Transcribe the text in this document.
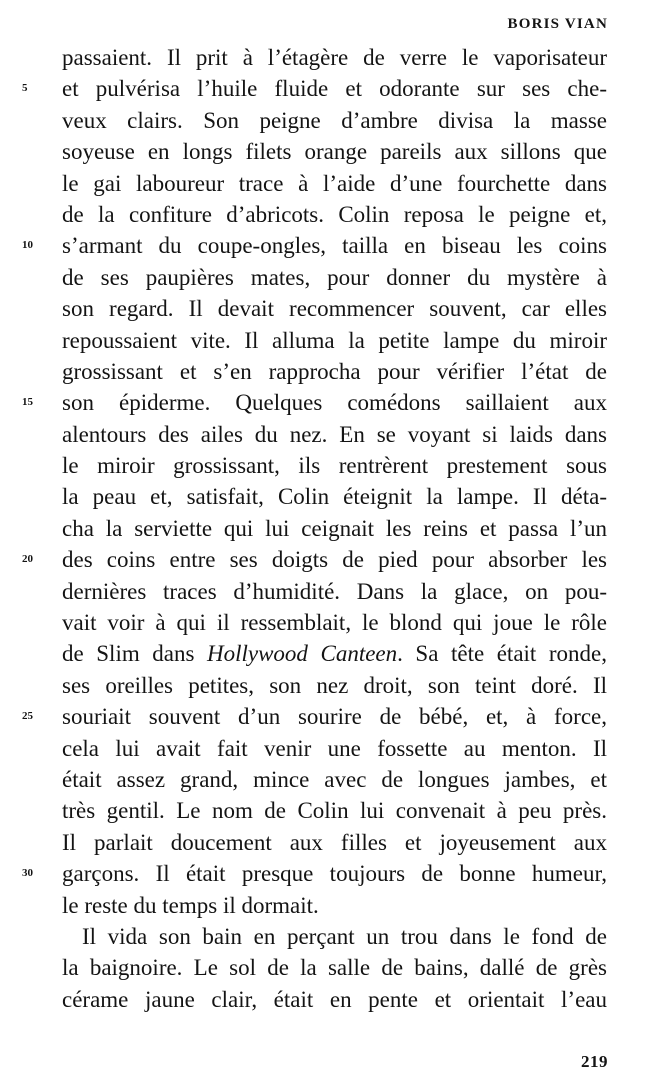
BORIS VIAN
passaient. Il prit à l’étagère de verre le vaporisateur
5	et pulvérisa l’huile fluide et odorante sur ses che-
veux clairs. Son peigne d’ambre divisa la masse
soyeuse en longs filets orange pareils aux sillons que
le gai laboureur trace à l’aide d’une fourchette dans
de la confiture d’abricots. Colin reposa le peigne et,
10	s’armant du coupe-ongles, tailla en biseau les coins
de ses paupières mates, pour donner du mystère à
son regard. Il devait recommencer souvent, car elles
repoussaient vite. Il alluma la petite lampe du miroir
grossissant et s’en rapprocha pour vérifier l’état de
15	son épiderme. Quelques comédons saillaient aux
alentours des ailes du nez. En se voyant si laids dans
le miroir grossissant, ils rentrèrent prestement sous
la peau et, satisfait, Colin éteignit la lampe. Il déta-
cha la serviette qui lui ceignait les reins et passa l’un
20	des coins entre ses doigts de pied pour absorber les
dernières traces d’humidité. Dans la glace, on pou-
vait voir à qui il ressemblait, le blond qui joue le rôle
de Slim dans Hollywood Canteen. Sa tête était ronde,
ses oreilles petites, son nez droit, son teint doré. Il
25	souriait souvent d’un sourire de bébé, et, à force,
cela lui avait fait venir une fossette au menton. Il
était assez grand, mince avec de longues jambes, et
très gentil. Le nom de Colin lui convenait à peu près.
Il parlait doucement aux filles et joyeusement aux
30	garçons. Il était presque toujours de bonne humeur,
le reste du temps il dormait.
Il vida son bain en perçant un trou dans le fond de
la baignoire. Le sol de la salle de bains, dallé de grès
cérame jaune clair, était en pente et orientait l’eau
219
